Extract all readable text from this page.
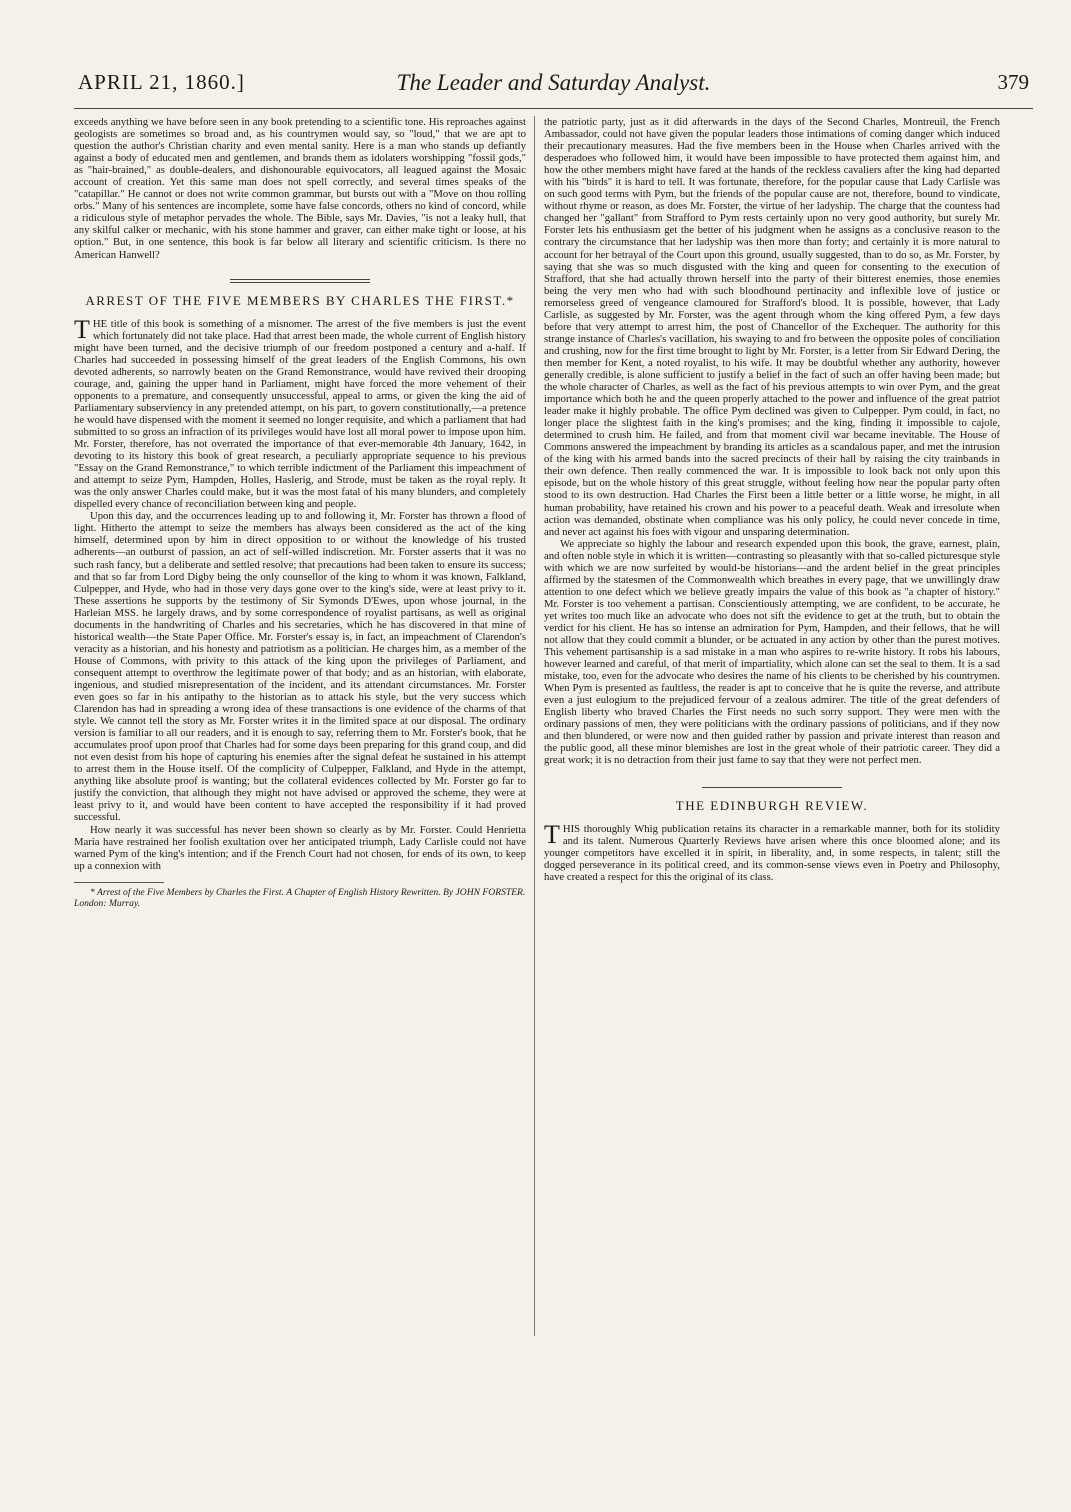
APRIL 21, 1860.]	The Leader and Saturday Analyst.	379

exceeds anything we have before seen in any book pretending to a scientific tone. His reproaches against geologists are sometimes so broad and, as his countrymen would say, so "loud," that we are apt to question the author's Christian charity and even mental sanity. Here is a man who stands up defiantly against a body of educated men and gentlemen, and brands them as idolaters worshipping "fossil gods," as "hair-brained," as double-dealers, and dishonourable equivocators, all leagued against the Mosaic account of creation. Yet this same man does not spell correctly, and several times speaks of the "catapillar." He cannot or does not write common grammar, but bursts out with a "Move on thou rolling orbs." Many of his sentences are incomplete, some have false concords, others no kind of concord, while a ridiculous style of metaphor pervades the whole. The Bible, says Mr. Davies, "is not a leaky hull, that any skilful calker or mechanic, with his stone hammer and graver, can either make tight or loose, at his option." But, in one sentence, this book is far below all literary and scientific criticism. Is there no American Hanwell?

ARREST OF THE FIVE MEMBERS BY CHARLES THE FIRST.*

THE title of this book is something of a misnomer. The arrest of the five members is just the event which fortunately did not take place. Had that arrest been made, the whole current of English history might have been turned, and the decisive triumph of our freedom postponed a century and a-half. If Charles had succeeded in possessing himself of the great leaders of the English Commons, his own devoted adherents, so narrowly beaten on the Grand Remonstrance, would have revived their drooping courage, and, gaining the upper hand in Parliament, might have forced the more vehement of their opponents to a premature, and consequently unsuccessful, appeal to arms, or given the king the aid of Parliamentary subserviency in any pretended attempt, on his part, to govern constitutionally,—a pretence he would have dispensed with the moment it seemed no longer requisite, and which a parliament that had submitted to so gross an infraction of its privileges would have lost all moral power to impose upon him. Mr. Forster, therefore, has not overrated the importance of that ever-memorable 4th January, 1642, in devoting to its history this book of great research, a peculiarly appropriate sequence to his previous "Essay on the Grand Remonstrance," to which terrible indictment of the Parliament this impeachment of and attempt to seize Pym, Hampden, Holles, Haslerig, and Strode, must be taken as the royal reply. It was the only answer Charles could make, but it was the most fatal of his many blunders, and completely dispelled every chance of reconciliation between king and people.

Upon this day, and the occurrences leading up to and following it, Mr. Forster has thrown a flood of light. Hitherto the attempt to seize the members has always been considered as the act of the king himself, determined upon by him in direct opposition to or without the knowledge of his trusted adherents—an outburst of passion, an act of self-willed indiscretion. Mr. Forster asserts that it was no such rash fancy, but a deliberate and settled resolve; that precautions had been taken to ensure its success; and that so far from Lord Digby being the only counsellor of the king to whom it was known, Falkland, Culpepper, and Hyde, who had in those very days gone over to the king's side, were at least privy to it. These assertions he supports by the testimony of Sir Symonds D'Ewes, upon whose journal, in the Harleian MSS. he largely draws, and by some correspondence of royalist partisans, as well as original documents in the handwriting of Charles and his secretaries, which he has discovered in that mine of historical wealth—the State Paper Office. Mr. Forster's essay is, in fact, an impeachment of Clarendon's veracity as a historian, and his honesty and patriotism as a politician. He charges him, as a member of the House of Commons, with privity to this attack of the king upon the privileges of Parliament, and consequent attempt to overthrow the legitimate power of that body; and as an historian, with elaborate, ingenious, and studied misrepresentation of the incident, and its attendant circumstances. Mr. Forster even goes so far in his antipathy to the historian as to attack his style, but the very success which Clarendon has had in spreading a wrong idea of these transactions is one evidence of the charms of that style. We cannot tell the story as Mr. Forster writes it in the limited space at our disposal. The ordinary version is familiar to all our readers, and it is enough to say, referring them to Mr. Forster's book, that he accumulates proof upon proof that Charles had for some days been preparing for this grand coup, and did not even desist from his hope of capturing his enemies after the signal defeat he sustained in his attempt to arrest them in the House itself. Of the complicity of Culpepper, Falkland, and Hyde in the attempt, anything like absolute proof is wanting; but the collateral evidences collected by Mr. Forster go far to justify the conviction, that although they might not have advised or approved the scheme, they were at least privy to it, and would have been content to have accepted the responsibility if it had proved successful.

How nearly it was successful has never been shown so clearly as by Mr. Forster. Could Henrietta Maria have restrained her foolish exultation over her anticipated triumph, Lady Carlisle could not have warned Pym of the king's intention; and if the French Court had not chosen, for ends of its own, to keep up a connexion with

* Arrest of the Five Members by Charles the First. A Chapter of English History Rewritten. By JOHN FORSTER. London: Murray.

the patriotic party, just as it did afterwards in the days of the Second Charles, Montreuil, the French Ambassador, could not have given the popular leaders those intimations of coming danger which induced their precautionary measures. Had the five members been in the House when Charles arrived with the desperadoes who followed him, it would have been impossible to have protected them against him, and how the other members might have fared at the hands of the reckless cavaliers after the king had departed with his "birds" it is hard to tell. It was fortunate, therefore, for the popular cause that Lady Carlisle was on such good terms with Pym, but the friends of the popular cause are not, therefore, bound to vindicate, without rhyme or reason, as does Mr. Forster, the virtue of her ladyship. The charge that the countess had changed her "gallant" from Strafford to Pym rests certainly upon no very good authority, but surely Mr. Forster lets his enthusiasm get the better of his judgment when he assigns as a conclusive reason to the contrary the circumstance that her ladyship was then more than forty; and certainly it is more natural to account for her betrayal of the Court upon this ground, usually suggested, than to do so, as Mr. Forster, by saying that she was so much disgusted with the king and queen for consenting to the execution of Strafford, that she had actually thrown herself into the party of their bitterest enemies, those enemies being the very men who had with such bloodhound pertinacity and inflexible love of justice or remorseless greed of vengeance clamoured for Strafford's blood. It is possible, however, that Lady Carlisle, as suggested by Mr. Forster, was the agent through whom the king offered Pym, a few days before that very attempt to arrest him, the post of Chancellor of the Exchequer. The authority for this strange instance of Charles's vacillation, his swaying to and fro between the opposite poles of conciliation and crushing, now for the first time brought to light by Mr. Forster, is a letter from Sir Edward Dering, the then member for Kent, a noted royalist, to his wife. It may be doubtful whether any authority, however generally credible, is alone sufficient to justify a belief in the fact of such an offer having been made; but the whole character of Charles, as well as the fact of his previous attempts to win over Pym, and the great importance which both he and the queen properly attached to the power and influence of the great patriot leader make it highly probable. The office Pym declined was given to Culpepper. Pym could, in fact, no longer place the slightest faith in the king's promises; and the king, finding it impossible to cajole, determined to crush him. He failed, and from that moment civil war became inevitable. The House of Commons answered the impeachment by branding its articles as a scandalous paper, and met the intrusion of the king with his armed bands into the sacred precincts of their hall by raising the city trainbands in their own defence. Then really commenced the war. It is impossible to look back not only upon this episode, but on the whole history of this great struggle, without feeling how near the popular party often stood to its own destruction. Had Charles the First been a little better or a little worse, he might, in all human probability, have retained his crown and his power to a peaceful death. Weak and irresolute when action was demanded, obstinate when compliance was his only policy, he could never concede in time, and never act against his foes with vigour and unsparing determination.

We appreciate so highly the labour and research expended upon this book, the grave, earnest, plain, and often noble style in which it is written—contrasting so pleasantly with that so-called picturesque style with which we are now surfeited by would-be historians—and the ardent belief in the great principles affirmed by the statesmen of the Commonwealth which breathes in every page, that we unwillingly draw attention to one defect which we believe greatly impairs the value of this book as "a chapter of history." Mr. Forster is too vehement a partisan. Conscientiously attempting, we are confident, to be accurate, he yet writes too much like an advocate who does not sift the evidence to get at the truth, but to obtain the verdict for his client. He has so intense an admiration for Pym, Hampden, and their fellows, that he will not allow that they could commit a blunder, or be actuated in any action by other than the purest motives. This vehement partisanship is a sad mistake in a man who aspires to re-write history. It robs his labours, however learned and careful, of that merit of impartiality, which alone can set the seal to them. It is a sad mistake, too, even for the advocate who desires the name of his clients to be cherished by his countrymen. When Pym is presented as faultless, the reader is apt to conceive that he is quite the reverse, and attribute even a just eulogium to the prejudiced fervour of a zealous admirer. The title of the great defenders of English liberty who braved Charles the First needs no such sorry support. They were men with the ordinary passions of men, they were politicians with the ordinary passions of politicians, and if they now and then blundered, or were now and then guided rather by passion and private interest than reason and the public good, all these minor blemishes are lost in the great whole of their patriotic career. They did a great work; it is no detraction from their just fame to say that they were not perfect men.

THE EDINBURGH REVIEW.

THIS thoroughly Whig publication retains its character in a remarkable manner, both for its stolidity and its talent. Numerous Quarterly Reviews have arisen where this once bloomed alone; and its younger competitors have excelled it in spirit, in liberality, and, in some respects, in talent; still the dogged perseverance in its political creed, and its common-sense views even in Poetry and Philosophy, have created a respect for this the original of its class.
